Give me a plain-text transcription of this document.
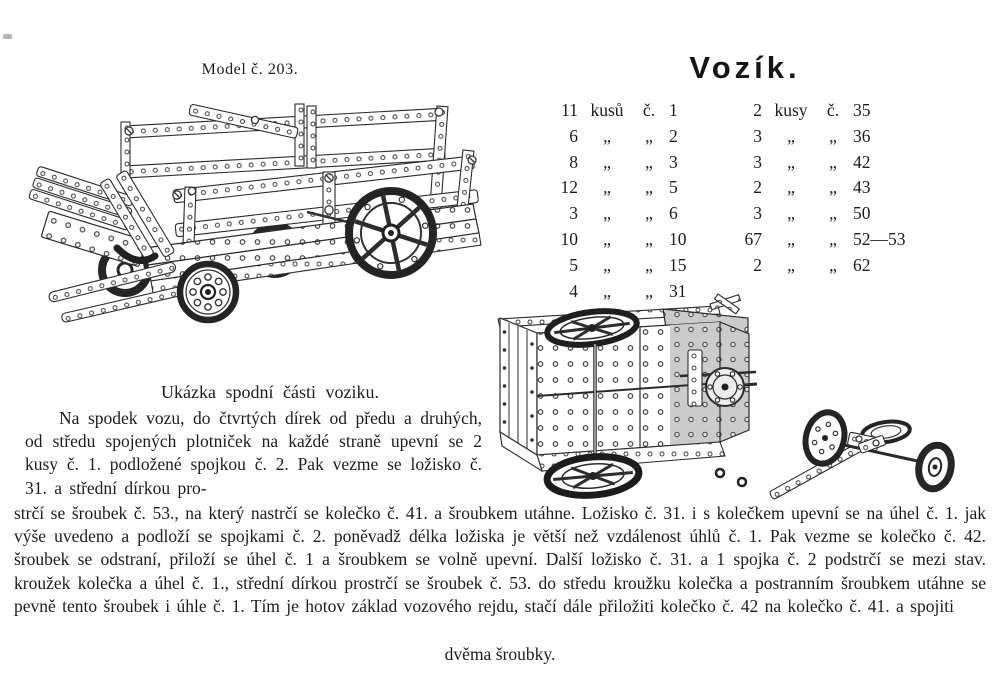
Model č. 203.	Vozík.
11 kusů	č. 1
6	„	„ 2
8	„	„ 3
12	„	„ 5
3	„	„ 6
10	„	„ 10
5	„	„ 15
4	„	„ 31
2 kusy	č. 35
3	„	„ 36
3	„	„ 42
2	„	„ 43
3	„	„ 50
67	„	„ 52—53
2	„	„ 62
Ukázka spodní části voziku.

Na spodek vozu, do čtvrtých dírek od předu a druhých, od středu spojených plotniček na každé straně upevní se 2 kusy č. 1. podložené spojkou č. 2. Pak vezme se ložisko č. 31. a střední dírkou pro-

strčí se šroubek č. 53., na který nastrčí se kolečko č. 41. a šroubkem utáhne. Ložisko č. 31. i s kolečkem upevní se na úhel č. 1. jak výše uvedeno a podloží se spojkami č. 2. poněvadž délka ložiska je větší než vzdálenost úhlů č. 1. Pak vezme se kolečko č. 42. šroubek se odstraní, přiloží se úhel č. 1 a šroubkem se volně upevní. Další ložisko č. 31. a 1 spojka č. 2 podstrčí se mezi stav. kroužek kolečka a úhel č. 1., střední dírkou prostrčí se šroubek č. 53. do středu kroužku kolečka a postranním šroubkem utáhne se pevně tento šroubek i úhle č. 1. Tím je hotov základ vozového rejdu, stačí dále přiložiti kolečko č. 42 na kolečko č. 41. a spojiti

dvěma šroubky.
